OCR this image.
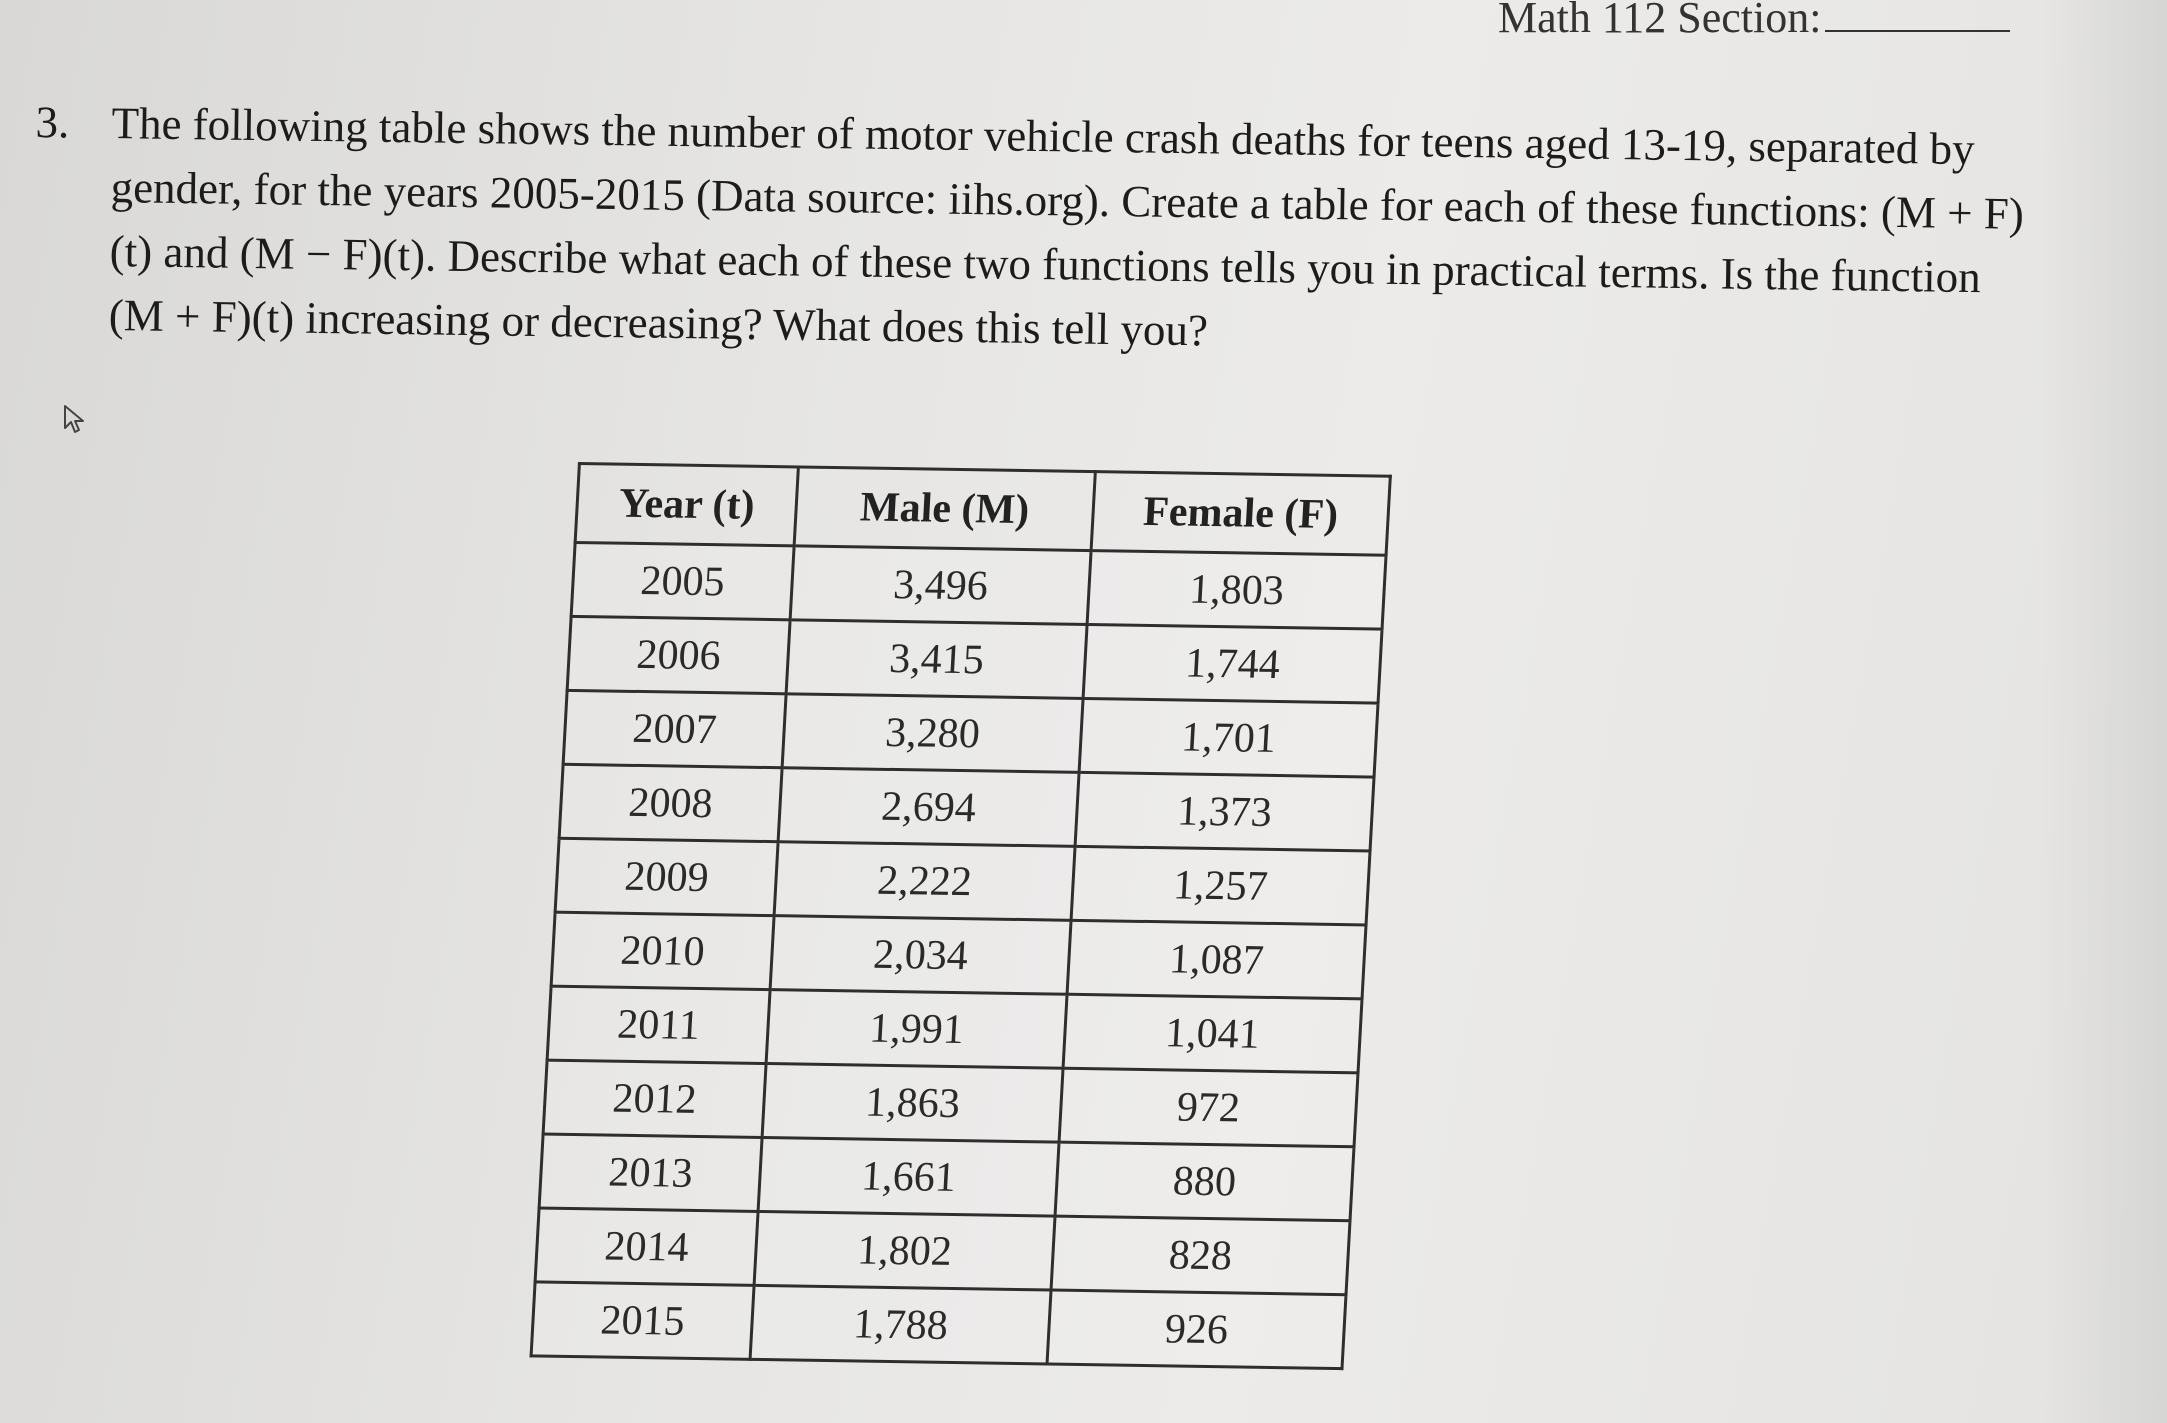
Math 112 Section:
3. The following table shows the number of motor vehicle crash deaths for teens aged 13-19, separated by gender, for the years 2005-2015 (Data source: iihs.org). Create a table for each of these functions: (M + F)(t) and (M − F)(t). Describe what each of these two functions tells you in practical terms. Is the function (M + F)(t) increasing or decreasing? What does this tell you?
Year (t)	Male (M)	Female (F)
2005	3,496	1,803
2006	3,415	1,744
2007	3,280	1,701
2008	2,694	1,373
2009	2,222	1,257
2010	2,034	1,087
2011	1,991	1,041
2012	1,863	972
2013	1,661	880
2014	1,802	828
2015	1,788	926
